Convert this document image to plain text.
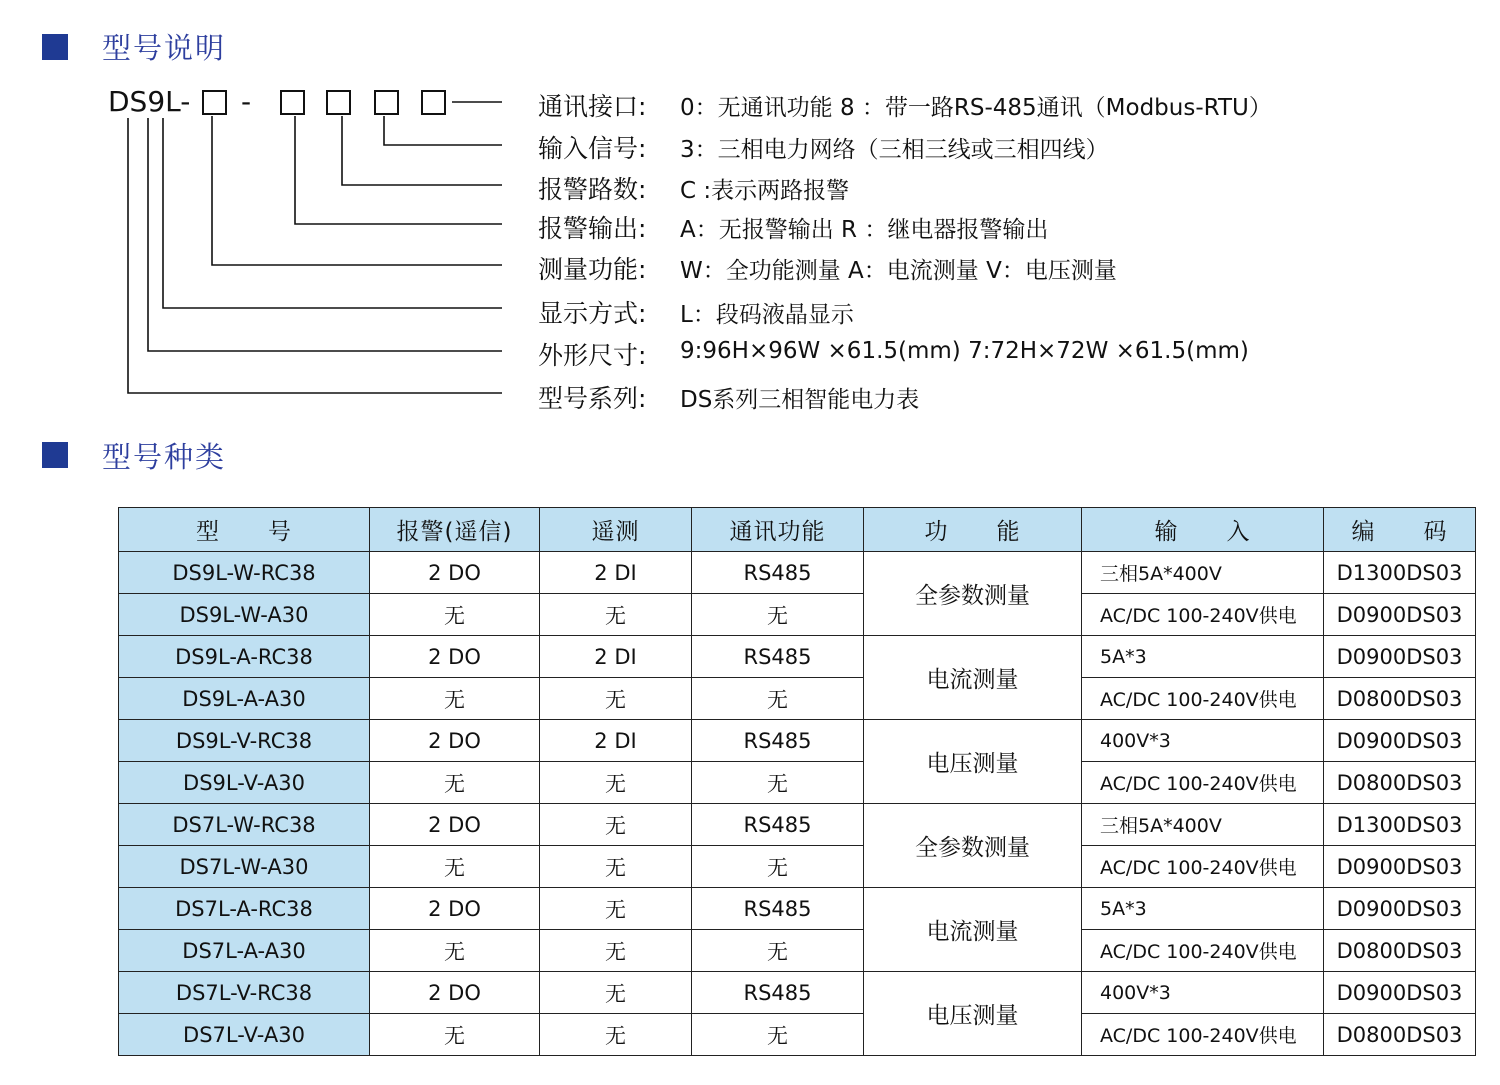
型号说明
DS9L- -	通讯接口: 0：无通讯功能 8 ：带一路RS-485通讯（Modbus-RTU）
输入信号: 3：三相电力网络（三相三线或三相四线）
报警路数: C :表示两路报警
报警输出: A：无报警输出 R ：继电器报警输出
测量功能: W：全功能测量 A：电流测量 V：电压测量
显示方式: L：段码液晶显示
外形尺寸: 9:96H×96W ×61.5(mm) 7:72H×72W ×61.5(mm)
型号系列: DS系列三相智能电力表
型号种类
型　　号	报警(遥信)	遥测	通讯功能	功　　能	输　　入	编　　码
DS9L-W-RC38	2 DO	2 DI	RS485	全参数测量	三相5A*400V	D1300DS03
DS9L-W-A30	无	无	无		AC/DC 100-240V供电	D0900DS03
DS9L-A-RC38	2 DO	2 DI	RS485	电流测量	5A*3	D0900DS03
DS9L-A-A30	无	无	无		AC/DC 100-240V供电	D0800DS03
DS9L-V-RC38	2 DO	2 DI	RS485	电压测量	400V*3	D0900DS03
DS9L-V-A30	无	无	无		AC/DC 100-240V供电	D0800DS03
DS7L-W-RC38	2 DO	无	RS485	全参数测量	三相5A*400V	D1300DS03
DS7L-W-A30	无	无	无		AC/DC 100-240V供电	D0900DS03
DS7L-A-RC38	2 DO	无	RS485	电流测量	5A*3	D0900DS03
DS7L-A-A30	无	无	无		AC/DC 100-240V供电	D0800DS03
DS7L-V-RC38	2 DO	无	RS485	电压测量	400V*3	D0900DS03
DS7L-V-A30	无	无	无		AC/DC 100-240V供电	D0800DS03
